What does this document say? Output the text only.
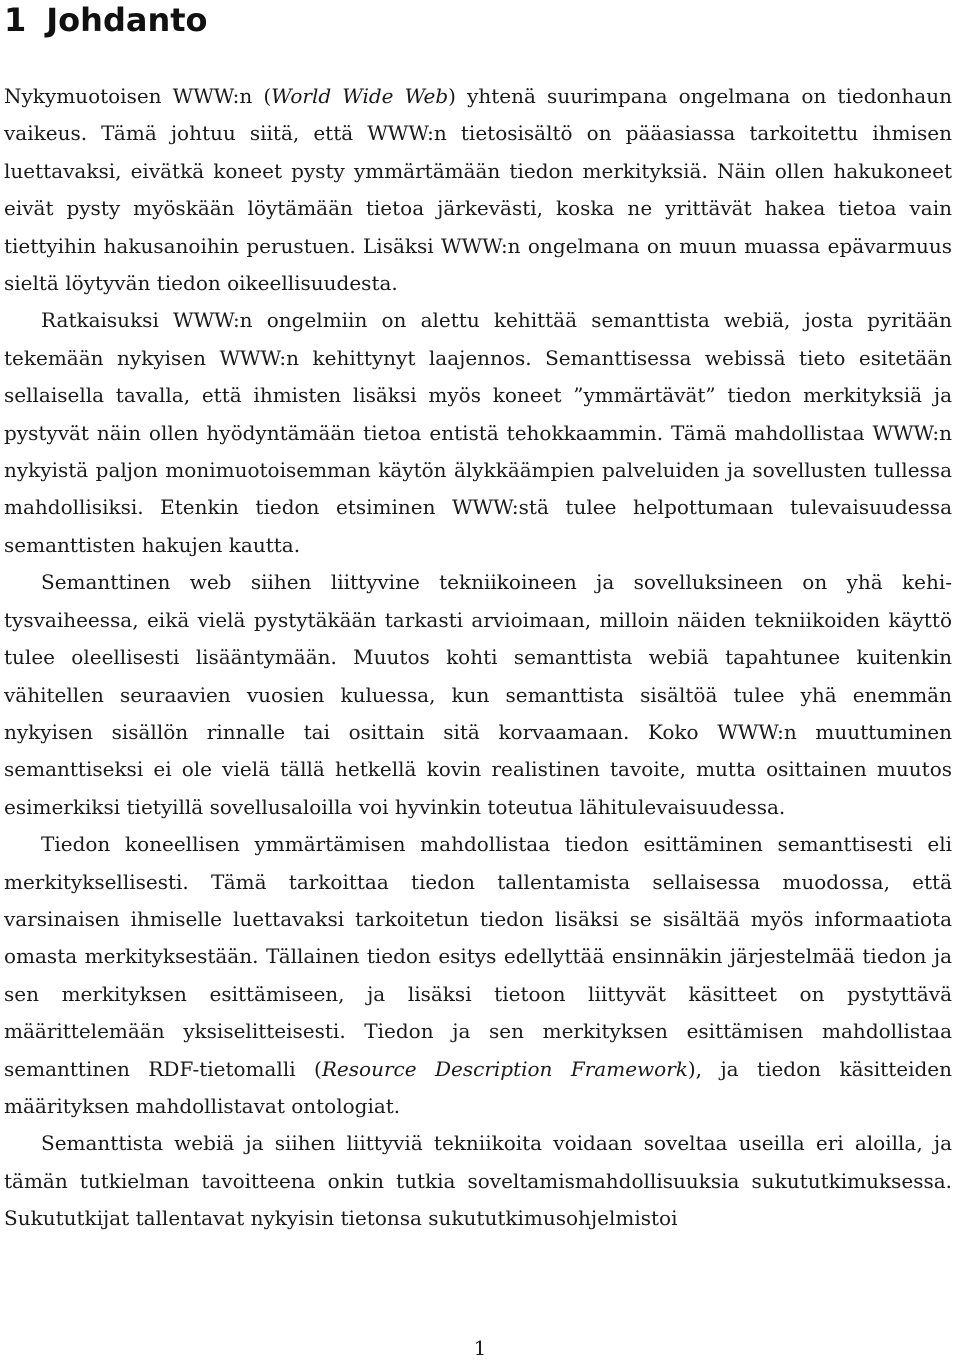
1 Johdanto

Nykymuotoisen WWW:n (World Wide Web) yhtenä suurimpana ongelmana on tiedonhaun vaikeus. Tämä johtuu siitä, että WWW:n tietosisältö on pääasiassa tarkoitettu ihmisen luettavaksi, eivätkä koneet pysty ymmärtämään tiedon merkityksiä. Näin ollen hakukoneet eivät pysty myöskään löytämään tietoa järkevästi, koska ne yrittävät hakea tietoa vain tiettyihin hakusanoihin perustuen. Lisäksi WWW:n ongelmana on muun muassa epävarmuus sieltä löytyvän tiedon oikeellisuudesta.

Ratkaisuksi WWW:n ongelmiin on alettu kehittää semanttista webiä, josta pyritään tekemään nykyisen WWW:n kehittynyt laajennos. Semanttisessa webissä tieto esitetään sellaisella tavalla, että ihmisten lisäksi myös koneet ”ymmärtävät” tiedon merkityksiä ja pystyvät näin ollen hyödyntämään tietoa entistä tehokkaammin. Tämä mahdollistaa WWW:n nykyistä paljon monimuotoisemman käytön älykkäämpien palveluiden ja sovellusten tullessa mahdollisiksi. Etenkin tiedon etsiminen WWW:stä tulee helpottumaan tulevaisuudessa semanttisten hakujen kautta.

Semanttinen web siihen liittyvine tekniikoineen ja sovelluksineen on yhä kehitysvaiheessa, eikä vielä pystytäkään tarkasti arvioimaan, milloin näiden tekniikoiden käyttö tulee oleellisesti lisääntymään. Muutos kohti semanttista webiä tapahtunee kuitenkin vähitellen seuraavien vuosien kuluessa, kun semanttista sisältöä tulee yhä enemmän nykyisen sisällön rinnalle tai osittain sitä korvaamaan. Koko WWW:n muuttuminen semanttiseksi ei ole vielä tällä hetkellä kovin realistinen tavoite, mutta osittainen muutos esimerkiksi tietyillä sovellusaloilla voi hyvinkin toteutua lähitulevaisuudessa.

Tiedon koneellisen ymmärtämisen mahdollistaa tiedon esittäminen semanttisesti eli merkityksellisesti. Tämä tarkoittaa tiedon tallentamista sellaisessa muodossa, että varsinaisen ihmiselle luettavaksi tarkoitetun tiedon lisäksi se sisältää myös informaatiota omasta merkityksestään. Tällainen tiedon esitys edellyttää ensinnäkin järjestelmää tiedon ja sen merkityksen esittämiseen, ja lisäksi tietoon liittyvät käsitteet on pystyttävä määrittelemään yksiselitteisesti. Tiedon ja sen merkityksen esittämisen mahdollistaa semanttinen RDF-tietomalli (Resource Description Framework), ja tiedon käsitteiden määrityksen mahdollistavat ontologiat.

Semanttista webiä ja siihen liittyviä tekniikoita voidaan soveltaa useilla eri aloilla, ja tämän tutkielman tavoitteena onkin tutkia soveltamismahdollisuuksia sukututkimuksessa. Sukututkijat tallentavat nykyisin tietonsa sukututkimusohjelmistoi

1
